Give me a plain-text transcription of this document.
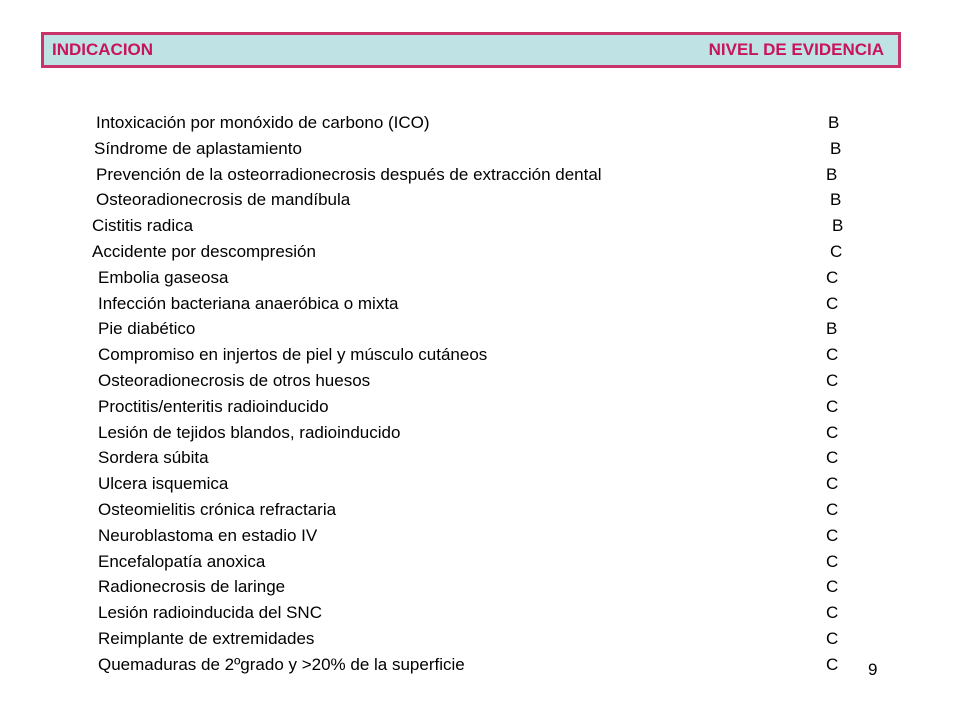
INDICACION	NIVEL DE EVIDENCIA
Intoxicación por monóxido de carbono (ICO)	B
Síndrome de aplastamiento	B
Prevención de la osteorradionecrosis después de extracción dental	B
Osteoradionecrosis de mandíbula	B
Cistitis radica	B
Accidente por descompresión	C
Embolia gaseosa	C
Infección bacteriana anaeróbica o mixta	C
Pie diabético	B
Compromiso en injertos de piel y músculo cutáneos	C
Osteoradionecrosis de otros huesos	C
Proctitis/enteritis radioinducido	C
Lesión de tejidos blandos, radioinducido	C
Sordera súbita	C
Ulcera isquemica	C
Osteomielitis crónica refractaria	C
Neuroblastoma en estadio IV	C
Encefalopatía anoxica	C
Radionecrosis de laringe	C
Lesión radioinducida del SNC	C
Reimplante de extremidades	C
Quemaduras de 2ºgrado y >20% de la superficie	C 9
